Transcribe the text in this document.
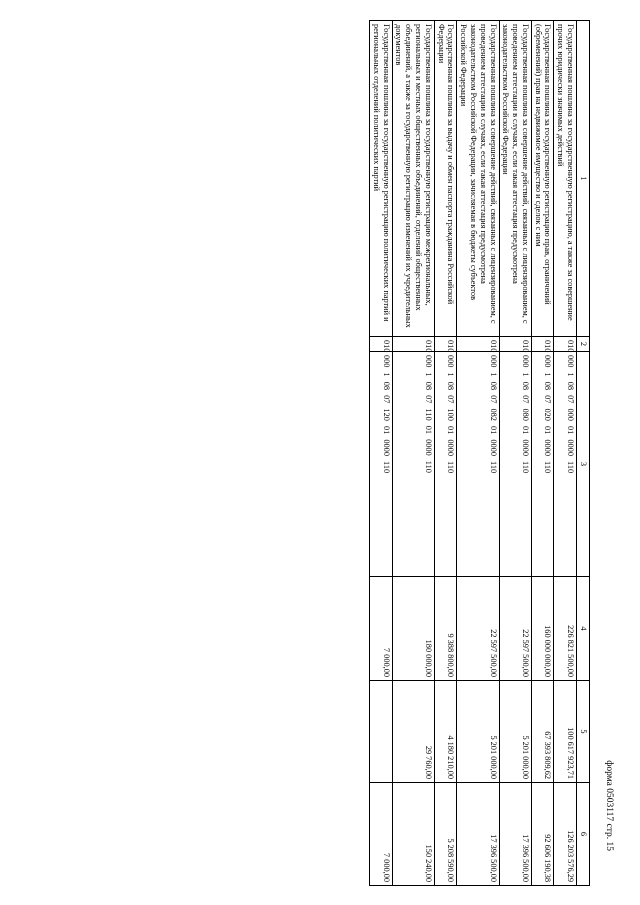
форма 0503117 стр. 15
1	2	3	4	5	6
Государственная пошлина за государственную регистрацию, а также за совершение прочих юридически значимых действий	010	000 1 08 07 000 01 0000 110	226 821 500,00	100 617 923,71	126 203 576,29
Государственная пошлина за государственную регистрацию прав, ограничений (обременений) прав на недвижимое имущество и сделок с ним	010	000 1 08 07 020 01 0000 110	160 000 000,00	67 393 809,62	92 606 190,38
Государственная пошлина за совершение действий, связанных с лицензированием, с проведением аттестации в случаях, если такая аттестация предусмотрена законодательством Российской Федерации	010	000 1 08 07 080 01 0000 110	22 597 500,00	5 201 000,00	17 396 500,00
Государственная пошлина за совершение действий, связанных с лицензированием, с проведением аттестации в случаях, если такая аттестация предусмотрена законодательством Российской Федерации, зачисляемая в бюджеты субъектов Российской Федерации	010	000 1 08 07 082 01 0000 110	22 597 500,00	5 201 000,00	17 396 500,00
Государственная пошлина за выдачу и обмен паспорта гражданина Российской Федерации	010	000 1 08 07 100 01 0000 110	9 388 800,00	4 180 210,00	5 208 590,00
Государственная пошлина за государственную регистрацию межрегиональных, региональных и местных общественных объединений, отделений общественных объединений, а также за государственную регистрацию изменений их учредительных документов	010	000 1 08 07 110 01 0000 110	180 000,00	29 760,00	150 240,00
Государственная пошлина за государственную регистрацию политических партий и региональных отделений политических партий	010	000 1 08 07 120 01 0000 110	7 000,00		7 000,00
